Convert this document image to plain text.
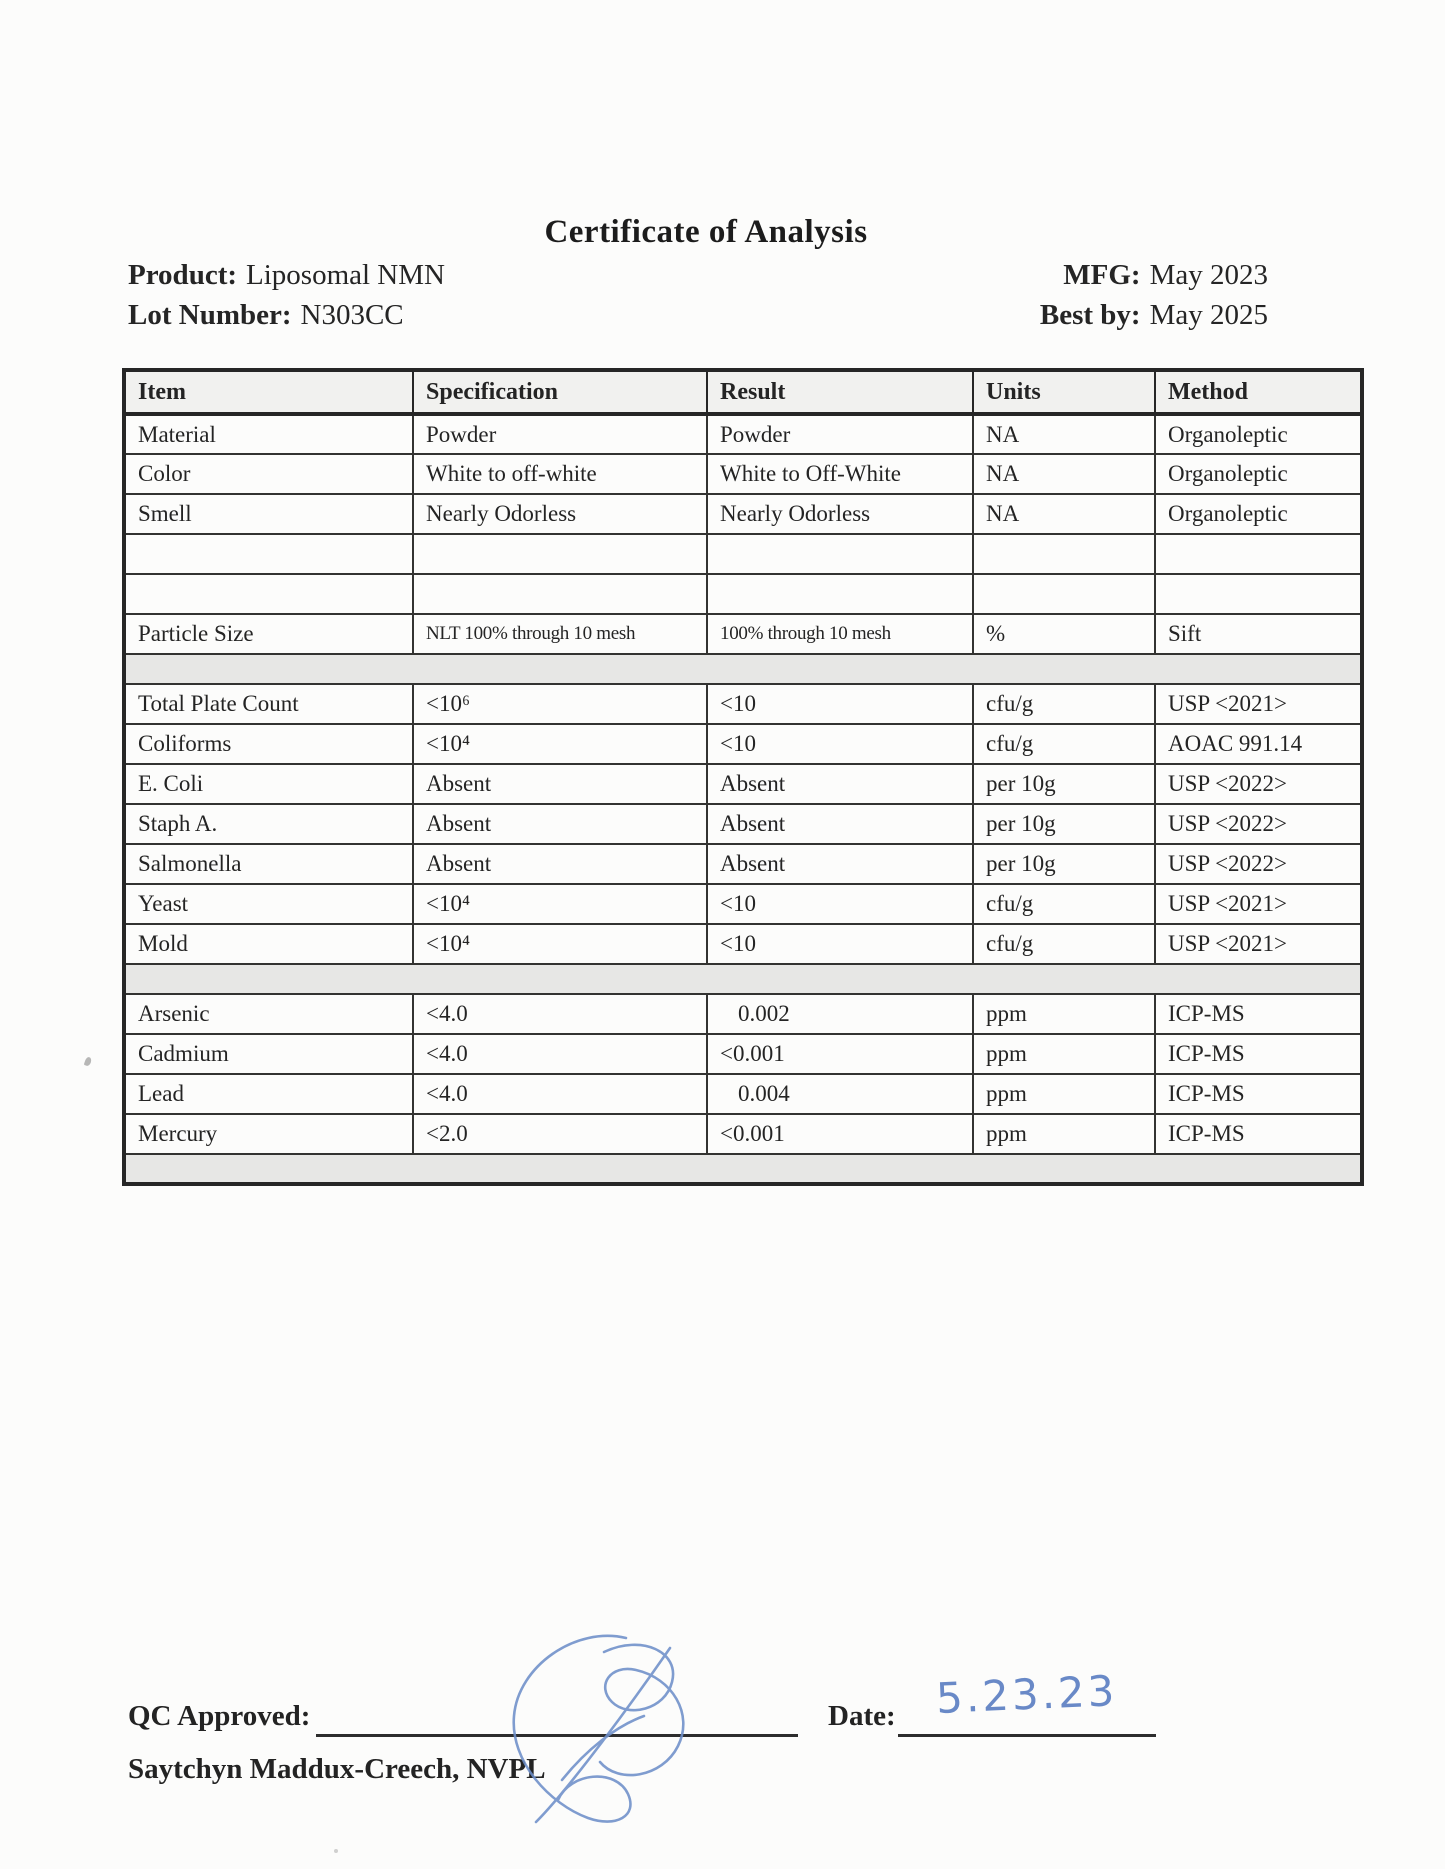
Certificate of Analysis
Product: Liposomal NMN
Lot Number: N303CC
MFG: May 2023
Best by: May 2025
Item	Specification	Result	Units	Method
Material	Powder	Powder	NA	Organoleptic
Color	White to off-white	White to Off-White	NA	Organoleptic
Smell	Nearly Odorless	Nearly Odorless	NA	Organoleptic

Particle Size	NLT 100% through 10 mesh	100% through 10 mesh	%	Sift

Total Plate Count	<10⁶	<10	cfu/g	USP <2021>
Coliforms	<10⁴	<10	cfu/g	AOAC 991.14
E. Coli	Absent	Absent	per 10g	USP <2022>
Staph A.	Absent	Absent	per 10g	USP <2022>
Salmonella	Absent	Absent	per 10g	USP <2022>
Yeast	<10⁴	<10	cfu/g	USP <2021>
Mold	<10⁴	<10	cfu/g	USP <2021>

Arsenic	<4.0	0.002	ppm	ICP-MS
Cadmium	<4.0	<0.001	ppm	ICP-MS
Lead	<4.0	0.004	ppm	ICP-MS
Mercury	<2.0	<0.001	ppm	ICP-MS

QC Approved:	Date: 5.23.23
Saytchyn Maddux-Creech, NVPL
